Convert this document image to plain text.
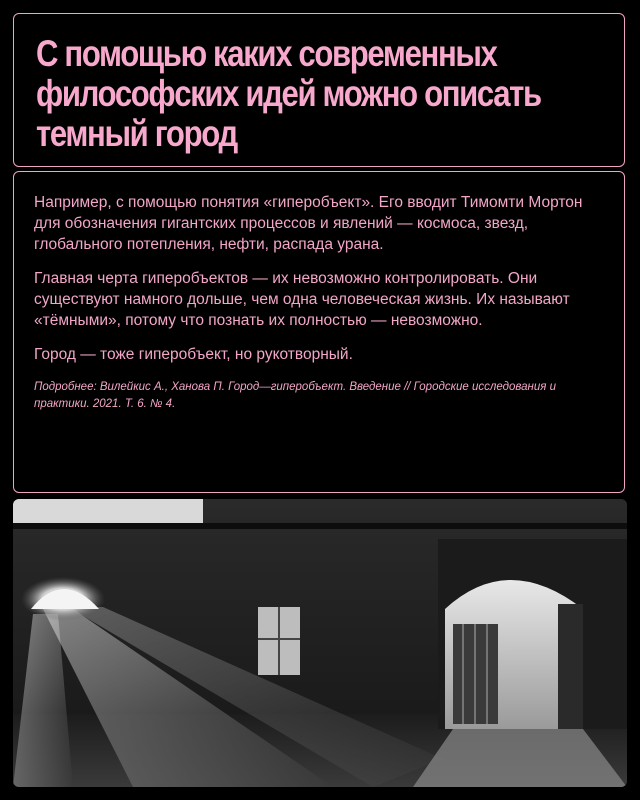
С помощью каких современных
философских идей можно описать
темный город

Например, с помощью понятия «гиперобъект». Его вводит Тимомти Мортон для обозначения гигантских процессов и явлений — космоса, звезд, глобального потепления, нефти, распада урана.

Главная черта гиперобъектов — их невозможно контролировать. Они существуют намного дольше, чем одна человеческая жизнь. Их называют «тёмными», потому что познать их полностью — невозможно.

Город — тоже гиперобъект, но рукотворный.

Подробнее: Вилейкис А., Ханова П. Город—гиперобъект. Введение // Городские исследования и практики. 2021. Т. 6. № 4.
